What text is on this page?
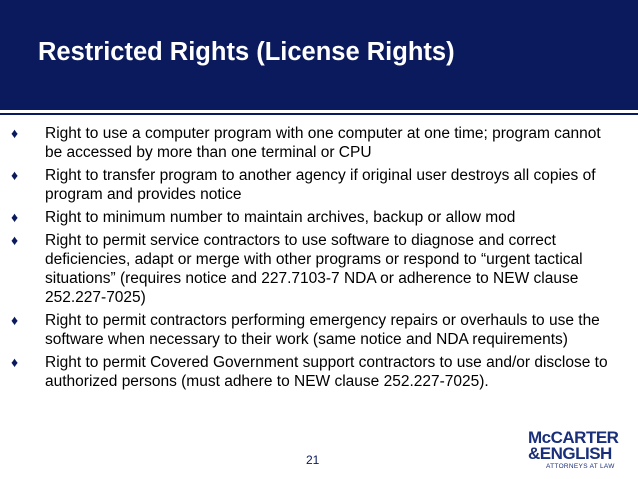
Restricted Rights (License Rights)
♦ Right to use a computer program with one computer at one time; program cannot be accessed by more than one terminal or CPU
♦ Right to transfer program to another agency if original user destroys all copies of program and provides notice
♦ Right to minimum number to maintain archives, backup or allow mod
♦ Right to permit service contractors to use software to diagnose and correct deficiencies, adapt or merge with other programs or respond to “urgent tactical situations” (requires notice and 227.7103-7 NDA or adherence to NEW clause 252.227-7025)
♦ Right to permit contractors performing emergency repairs or overhauls to use the software when necessary to their work (same notice and NDA requirements)
♦ Right to permit Covered Government support contractors to use and/or disclose to authorized persons (must adhere to NEW clause 252.227-7025).
21
McCARTER
&ENGLISH
ATTORNEYS AT LAW
